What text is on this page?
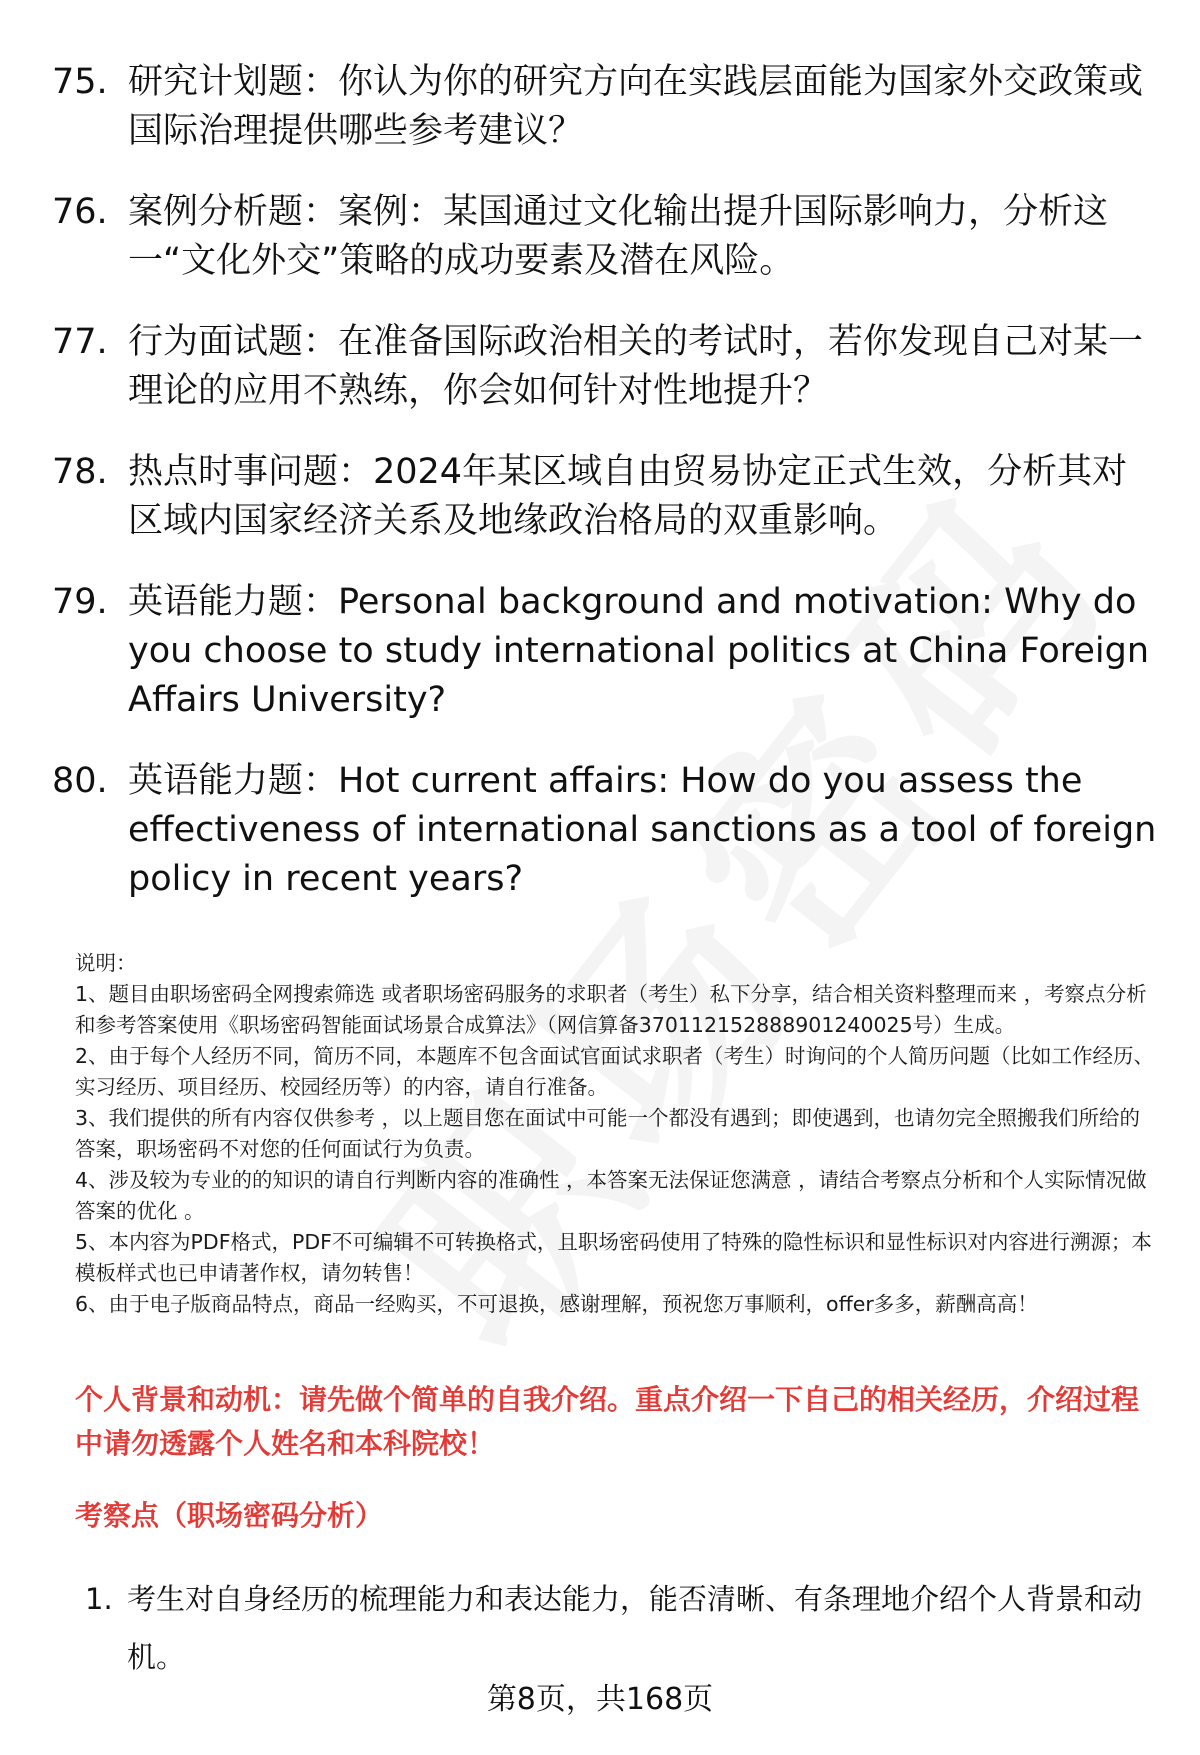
75. 研究计划题：你认为你的研究方向在实践层面能为国家外交政策或国际治理提供哪些参考建议？
76. 案例分析题：案例：某国通过文化输出提升国际影响力，分析这一“文化外交”策略的成功要素及潜在风险。
77. 行为面试题：在准备国际政治相关的考试时，若你发现自己对某一理论的应用不熟练，你会如何针对性地提升？
78. 热点时事问题：2024年某区域自由贸易协定正式生效，分析其对区域内国家经济关系及地缘政治格局的双重影响。
79. 英语能力题：Personal background and motivation: Why do you choose to study international politics at China Foreign Affairs University?
80. 英语能力题：Hot current affairs: How do you assess the effectiveness of international sanctions as a tool of foreign policy in recent years?

说明：

1、题目由职场密码全网搜索筛选 或者职场密码服务的求职者（考生）私下分享，结合相关资料整理而来 ，考察点分析和参考答案使用《职场密码智能面试场景合成算法》（网信算备370112152888901240025号）生成。

2、由于每个人经历不同，简历不同，本题库不包含面试官面试求职者（考生）时询问的个人简历问题（比如工作经历、实习经历、项目经历、校园经历等）的内容，请自行准备。

3、我们提供的所有内容仅供参考 ，以上题目您在面试中可能一个都没有遇到；即使遇到，也请勿完全照搬我们所给的答案，职场密码不对您的任何面试行为负责。

4、涉及较为专业的的知识的请自行判断内容的准确性 ，本答案无法保证您满意 ，请结合考察点分析和个人实际情况做答案的优化 。

5、本内容为PDF格式，PDF不可编辑不可转换格式，且职场密码使用了特殊的隐性标识和显性标识对内容进行溯源；本模板样式也已申请著作权，请勿转售！

6、由于电子版商品特点，商品一经购买，不可退换，感谢理解，预祝您万事顺利，offer多多，薪酬高高！

个人背景和动机：请先做个简单的自我介绍。重点介绍一下自己的相关经历，介绍过程中请勿透露个人姓名和本科院校！

考察点（职场密码分析）
1. 考生对自身经历的梳理能力和表达能力，能否清晰、有条理地介绍个人背景和动机。
第8页，共168页
